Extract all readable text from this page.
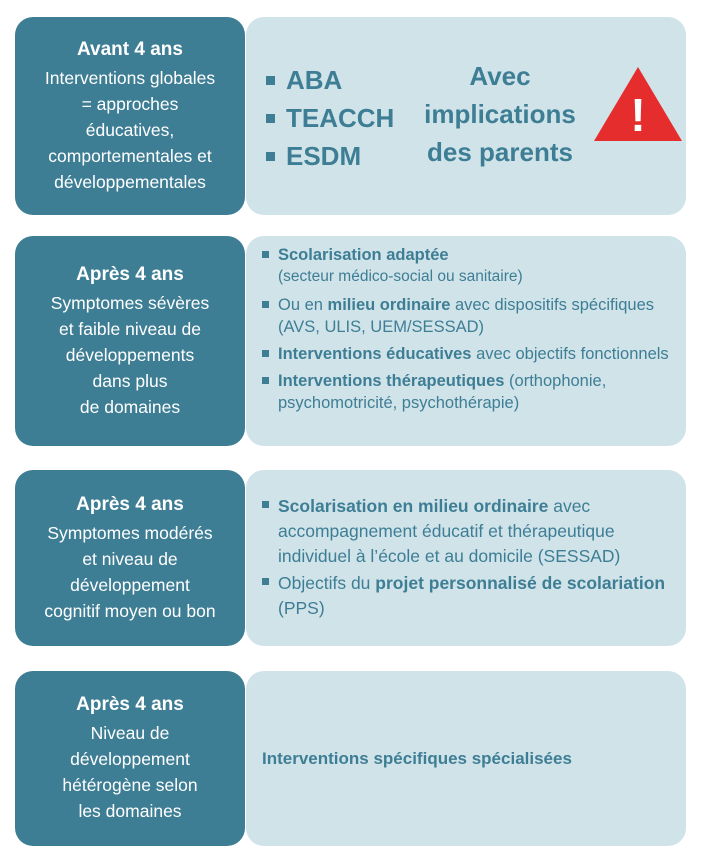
Avant 4 ans
Interventions globales
= approches
éducatives,
comportementales et
développementales
ABA
TEACCH
ESDM
Avec
implications
des parents
!
Après 4 ans
Symptomes sévères
et faible niveau de
développements
dans plus
de domaines
Scolarisation adaptée
(secteur médico-social ou sanitaire)
Ou en milieu ordinaire avec dispositifs spécifiques (AVS, ULIS, UEM/SESSAD)
Interventions éducatives avec objectifs fonctionnels
Interventions thérapeutiques (orthophonie, psychomotricité, psychothérapie)
Après 4 ans
Symptomes modérés
et niveau de
développement
cognitif moyen ou bon
Scolarisation en milieu ordinaire avec accompagnement éducatif et thérapeutique individuel à l’école et au domicile (SESSAD)
Objectifs du projet personnalisé de scolariation (PPS)
Après 4 ans
Niveau de
développement
hétérogène selon
les domaines
Interventions spécifiques spécialisées
